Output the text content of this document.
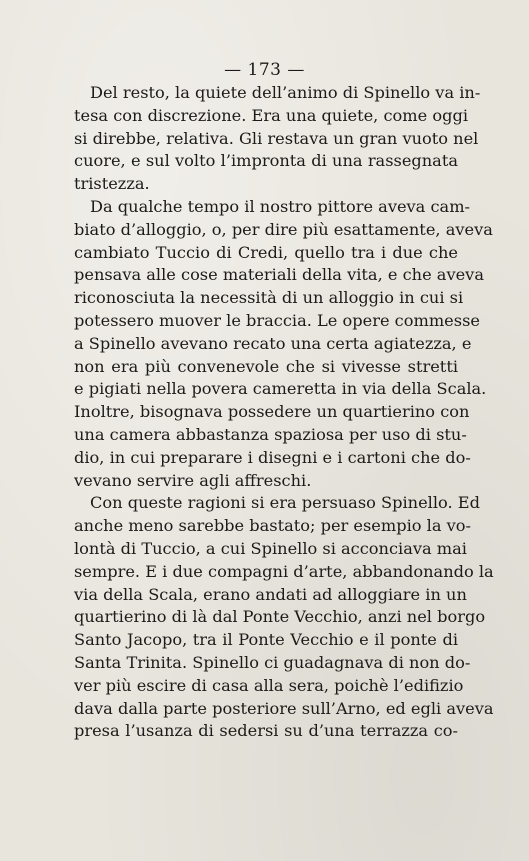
— 173 —
Del resto, la quiete dell’animo di Spinello va in-
tesa con discrezione. Era una quiete, come oggi
si direbbe, relativa. Gli restava un gran vuoto nel
cuore, e sul volto l’impronta di una rassegnata
tristezza.
Da qualche tempo il nostro pittore aveva cam-
biato d’alloggio, o, per dire più esattamente, aveva
cambiato Tuccio di Credi, quello tra i due che
pensava alle cose materiali della vita, e che aveva
riconosciuta la necessità di un alloggio in cui si
potessero muover le braccia. Le opere commesse
a Spinello avevano recato una certa agiatezza, e
non era più convenevole che si vivesse stretti
e pigiati nella povera cameretta in via della Scala.
Inoltre, bisognava possedere un quartierino con
una camera abbastanza spaziosa per uso di stu-
dio, in cui preparare i disegni e i cartoni che do-
vevano servire agli affreschi.
Con queste ragioni si era persuaso Spinello. Ed
anche meno sarebbe bastato; per esempio la vo-
lontà di Tuccio, a cui Spinello si acconciava mai
sempre. E i due compagni d’arte, abbandonando la
via della Scala, erano andati ad alloggiare in un
quartierino di là dal Ponte Vecchio, anzi nel borgo
Santo Jacopo, tra il Ponte Vecchio e il ponte di
Santa Trinita. Spinello ci guadagnava di non do-
ver più escire di casa alla sera, poichè l’edifizio
dava dalla parte posteriore sull’Arno, ed egli aveva
presa l’usanza di sedersi su d’una terrazza co-
